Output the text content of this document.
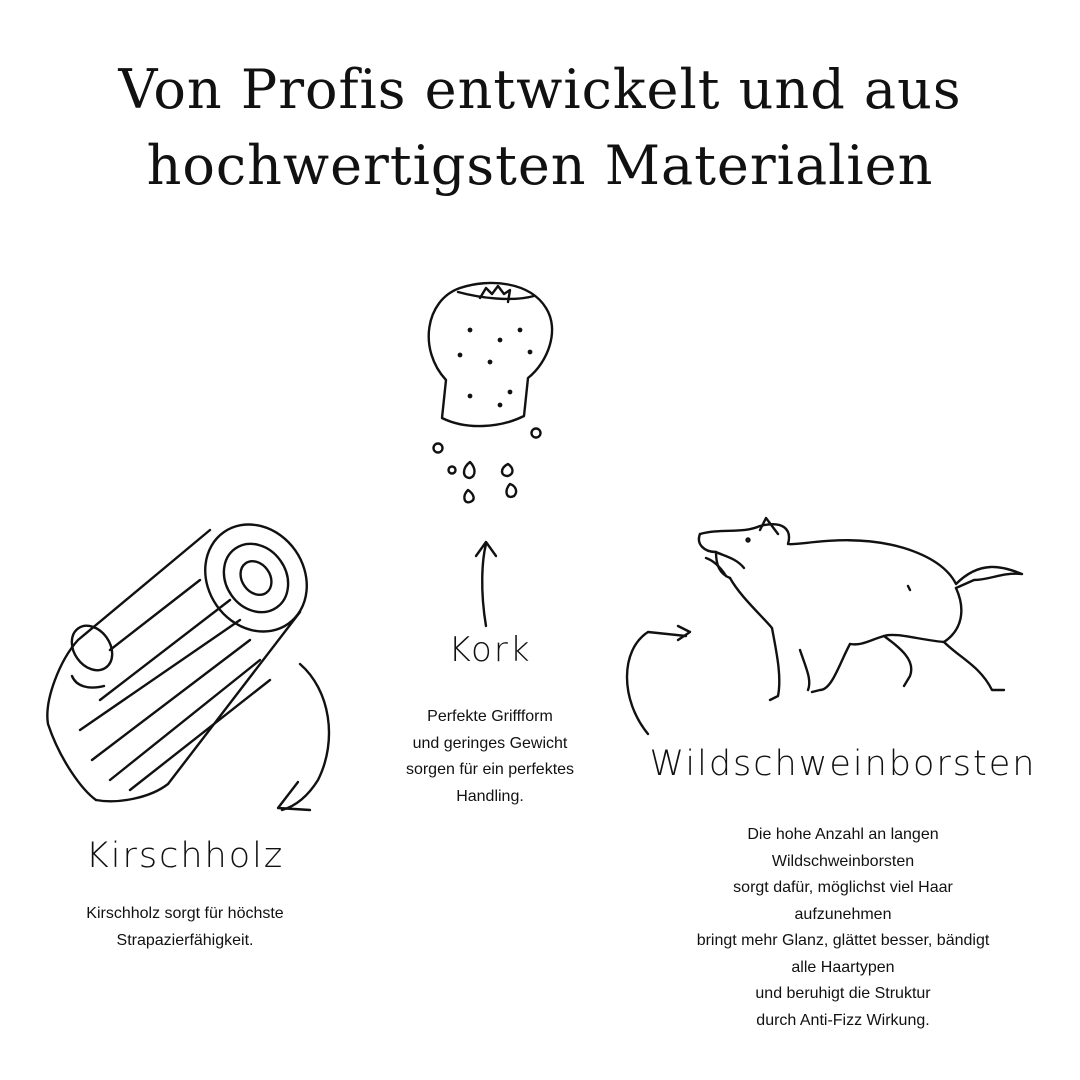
Von Profis entwickelt und aus
hochwertigsten Materialien
Kork

Perfekte Griffform
und geringes Gewicht
sorgen für ein perfektes
Handling.

Kirschholz

Kirschholz sorgt für höchste
Strapazierfähigkeit.

Wildschweinborsten

Die hohe Anzahl an langen
Wildschweinborsten
sorgt dafür, möglichst viel Haar
aufzunehmen
bringt mehr Glanz, glättet besser, bändigt
alle Haartypen
und beruhigt die Struktur
durch Anti-Fizz Wirkung.
